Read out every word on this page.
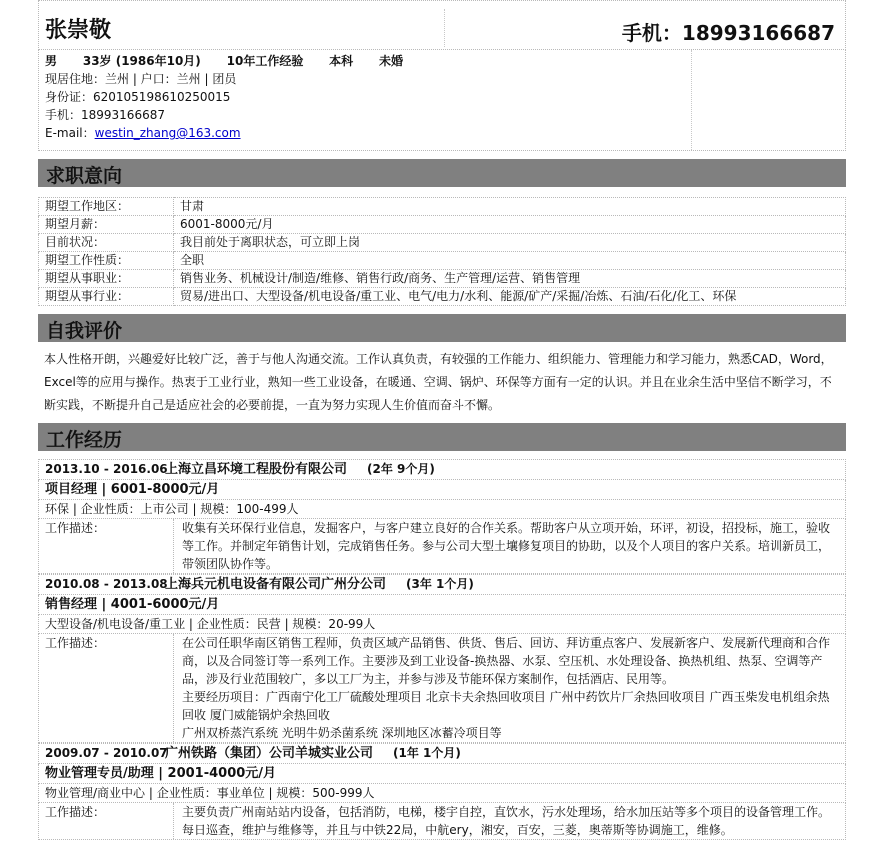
张崇敬	手机：18993166687
男 33岁 (1986年10月) 10年工作经验 本科 未婚
现居住地：兰州 | 户口：兰州 | 团员
身份证：620105198610250015
手机：18993166687
E-mail：westin_zhang@163.com
求职意向
期望工作地区：	甘肃
期望月薪：	6001-8000元/月
目前状况：	我目前处于离职状态，可立即上岗
期望工作性质：	全职
期望从事职业：	销售业务、机械设计/制造/维修、销售行政/商务、生产管理/运营、销售管理
期望从事行业：	贸易/进出口、大型设备/机电设备/重工业、电气/电力/水利、能源/矿产/采掘/冶炼、石油/石化/化工、环保
自我评价
本人性格开朗，兴趣爱好比较广泛，善于与他人沟通交流。工作认真负责，有较强的工作能力、组织能力、管理能力和学习能力，熟悉CAD，Word，Excel等的应用与操作。热衷于工业行业，熟知一些工业设备，在暖通、空调、锅炉、环保等方面有一定的认识。并且在业余生活中坚信不断学习，不断实践，不断提升自己是适应社会的必要前提，一直为努力实现人生价值而奋斗不懈。
工作经历
2013.10 - 2016.06上海立昌环境工程股份有限公司 (2年 9个月)
项目经理 | 6001-8000元/月
环保 | 企业性质：上市公司 | 规模：100-499人
工作描述：	收集有关环保行业信息，发掘客户，与客户建立良好的合作关系。帮助客户从立项开始，环评，初设，招投标，施工，验收等工作。并制定年销售计划，完成销售任务。参与公司大型土壤修复项目的协助，以及个人项目的客户关系。培训新员工，带领团队协作等。
2010.08 - 2013.08上海兵元机电设备有限公司广州分公司 (3年 1个月)
销售经理 | 4001-6000元/月
大型设备/机电设备/重工业 | 企业性质：民营 | 规模：20-99人
工作描述：	在公司任职华南区销售工程师，负责区域产品销售、供货、售后、回访、拜访重点客户、发展新客户、发展新代理商和合作商，以及合同签订等一系列工作。主要涉及到工业设备-换热器、水泵、空压机、水处理设备、换热机组、热泵、空调等产品，涉及行业范围较广，多以工厂为主，并参与涉及节能环保方案制作，包括酒店、民用等。
主要经历项目：广西南宁化工厂硫酸处理项目 北京卡夫余热回收项目 广州中药饮片厂余热回收项目 广西玉柴发电机组余热回收 厦门威能锅炉余热回收
广州双桥蒸汽系统 光明牛奶杀菌系统 深圳地区冰蓄冷项目等
2009.07 - 2010.07广州铁路（集团）公司羊城实业公司 (1年 1个月)
物业管理专员/助理 | 2001-4000元/月
物业管理/商业中心 | 企业性质：事业单位 | 规模：500-999人
工作描述：	主要负责广州南站站内设备，包括消防，电梯，楼宇自控，直饮水，污水处理场，给水加压站等多个项目的设备管理工作。每日巡查，维护与维修等，并且与中铁22局，中航ery，湘安，百安，三菱，奥蒂斯等协调施工，维修。
